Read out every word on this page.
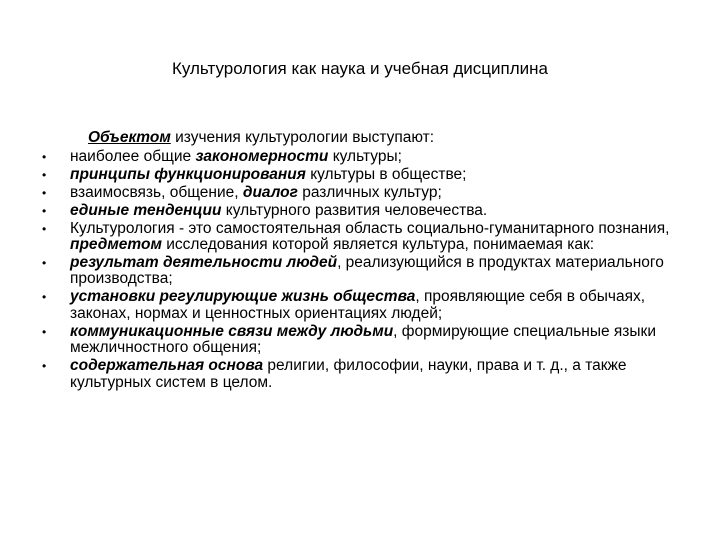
Культурология как наука и учебная дисциплина
Объектом изучения культурологии выступают:
• наиболее общие закономерности культуры;
• принципы функционирования культуры в обществе;
• взаимосвязь, общение, диалог различных культур;
• единые тенденции культурного развития человечества.
• Культурология - это самостоятельная область социально-гуманитарного познания, предметом исследования которой является культура, понимаемая как:
• результат деятельности людей, реализующийся в продуктах материального производства;
• установки регулирующие жизнь общества, проявляющие себя в обычаях, законах, нормах и ценностных ориентациях людей;
• коммуникационные связи между людьми, формирующие специальные языки межличностного общения;
• содержательная основа религии, философии, науки, права и т. д., а также культурных систем в целом.
